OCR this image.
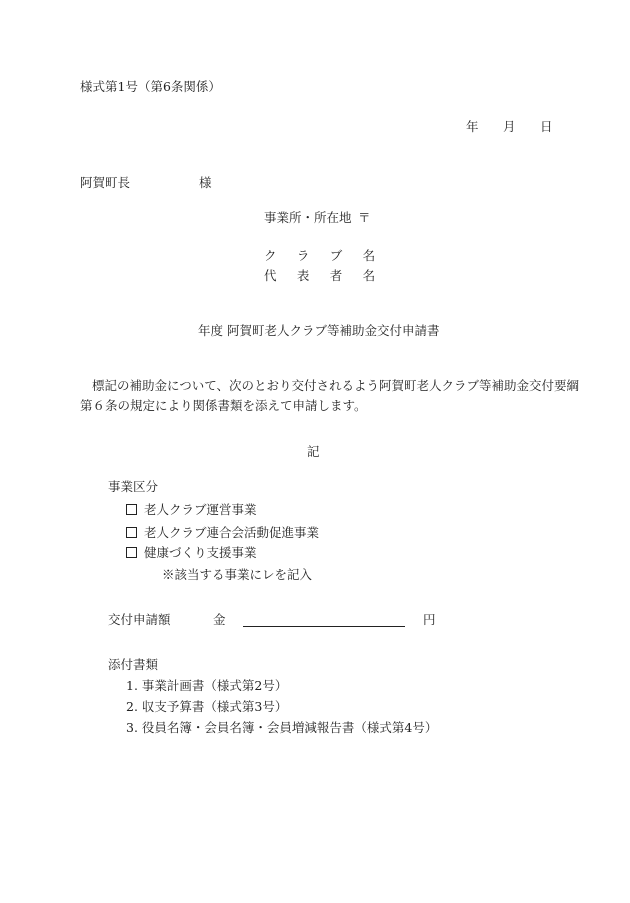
様式第1号（第6条関係）
年 月 日
阿賀町長	様
事業所・所在地 〒
ク ラ ブ 名
代 表 者 名
年度 阿賀町老人クラブ等補助金交付申請書
標記の補助金について、次のとおり交付されるよう阿賀町老人クラブ等補助金交付要綱
第６条の規定により関係書類を添えて申請します。
記
事業区分
老人クラブ運営事業
老人クラブ連合会活動促進事業
健康づくり支援事業
※該当する事業にレを記入
交付申請額	金	円
添付書類
1. 事業計画書（様式第2号）
2. 収支予算書（様式第3号）
3. 役員名簿・会員名簿・会員増減報告書（様式第4号）
